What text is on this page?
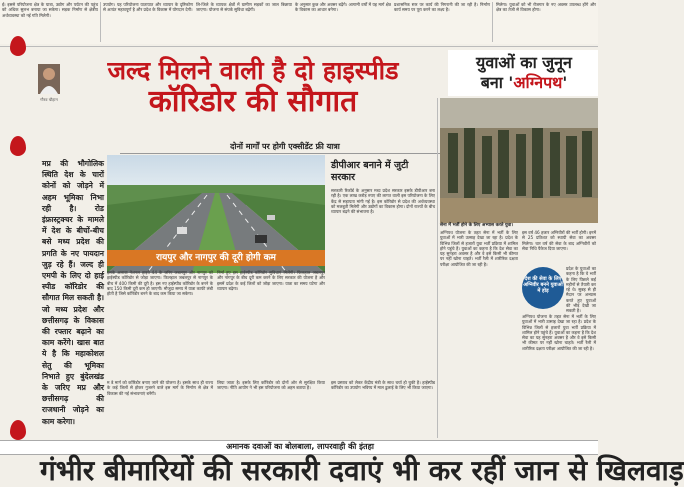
ई। इससे परियोजना क्षेत्र के यात्रा, उद्योग और पर्यटन की पहुंच को अधिक सुलभ बनाया जा सकेगा। सड़क निर्माण से क्षेत्रीय अर्थव्यवस्था को नई गति मिलेगी।
उपयोग। यह परियोजना यातायात और व्यापार के दृष्टिकोण से अत्यंत महत्वपूर्ण है और प्रदेश के विकास में योगदान देगी।
लि-जिले के व्यापक क्षेत्रों में ग्रामीण सड़कों का जाल बिछाया जाएगा। योजना से संपर्क सुविधा बढ़ेगी।
के अनुसार कुछ और अवसर बढ़ेंगे। आगामी वर्षों में यह मार्ग क्षेत्र के विकास का आधार बनेगा।
प्रशासनिक स्तर पर कार्य की निगरानी की जा रही है। निर्माण कार्य समय पर पूरा करने का लक्ष्य है।
मिलेगा। युवाओं को भी रोजगार के नए अवसर उपलब्ध होंगे और क्षेत्र का तेजी से विकास होगा।
गौरव चौहान
जल्द मिलने वाली है दो हाइस्पीड
कॉरिडोर की सौगात
युवाओं का जुनून
बना 'अग्निपथ'
दोनों मार्गों पर होगी एक्सीडेंट फ्री यात्रा
मप्र की भौगोलिक स्थिति देश के चारों कोनों को जोड़ने में अहम भूमिका निभा रही है। रोड इंफ्रास्ट्रक्चर के मामले में देश के बीचों-बीच बसे मध्य प्रदेश की प्रगति के नए पायदान जुड़ रहे हैं। जल्द ही एमपी के लिए दो हाई स्पीड कॉरिडोर की सौगात मिल सकती है। जो मध्य प्रदेश और छत्तीसगढ़ के विकास की रफ्तार बढ़ाने का काम करेंगे। खास बात ये है कि महाकोशल सेतु की भूमिका निभाते हुए बुंदेलखंड के जरिए मप्र और छत्तीसगढ़ की राजधानी जोड़ने का काम करेगा।
रायपुर और नागपुर की दूरी होगी कम
इसके अलावा नेशनल हाइवे 44 के जरिए जबलपुर और नागपुर को हाईस्पीड कॉरिडोर से जोड़ा जाएगा। फिलहाल जबलपुर से नागपुर के बीच में 400 किमी की दूरी है। इस नए हाईस्पीड कॉरिडोर के बनने के बाद 150 किमी दूरी कम हो जाएगी। मौजूदा समय में यात्रा काफी लंबी होती है जिसे कॉरिडोर बनने के बाद कम किया जा सकेगा।
निर्मा हुए इस हाईस्पीड कॉरिडोर सुविधाएं मिलेंगी। फिलहाल जबलपुर और नागपुर के बीच दूरी कम करने के लिए सरकार की योजना है और इसमें प्रदेश के कई जिलों को जोड़ा जाएगा। यात्रा का समय घटेगा और व्यापार बढ़ेगा।
म डे मार्ग को कॉरिडोर बनाए जाने की योजना है। इसके साथ ही राज्य के कई जिलों से होकर गुजरने वाले इस मार्ग के निर्माण से क्षेत्र में विकास की नई संभावनाएं बनेंगी।
लिया जाता है। इसके लिए कॉरिडोर को दोनों ओर से सुरक्षित किया जाएगा। नीति आयोग ने भी इस परियोजना को अहम बताया है।
डीपीआर बनाने में जुटी सरकार
सरकारी रिकॉर्ड के अनुसार मध्य प्रदेश सरकार इसके डीपीआर बना रही है। एक लाख करोड़ रुपए की लागत वाली इस परियोजना के लिए केंद्र से सहायता मांगी गई है। इस कॉरिडोर से प्रदेश की अर्थव्यवस्था को मजबूती मिलेगी और उद्योगों का विकास होगा। दोनों राज्यों के बीच व्यापार बढ़ने की संभावना है।
इस प्रस्ताव को लेकर केंद्रीय मंत्री के साथ चर्चा हो चुकी है। हाईस्पीड कॉरिडोर का उपयोग भविष्य में माल ढुलाई के लिए भी किया जाएगा।
सेना में भर्ती होने के लिए अभ्यास करते युवा।
अग्निपथ योजना के तहत सेना में भर्ती के लिए युवाओं में भारी उत्साह देखा जा रहा है। प्रदेश के विभिन्न जिलों से हजारों युवा भर्ती प्रक्रिया में शामिल होने पहुंचे हैं। युवाओं का कहना है कि देश सेवा का यह सुनहरा अवसर है और वे इसे किसी भी कीमत पर नहीं खोना चाहते। भर्ती रैली में शारीरिक दक्षता परीक्षा आयोजित की जा रही है।
इस वर्ष 46 हजार अग्निवीरों की भर्ती होगी। इनमें से 25 प्रतिशत को स्थायी सेवा का अवसर मिलेगा। चार वर्ष की सेवा के बाद अग्निवीरों को सेवा निधि पैकेज दिया जाएगा।
प्रदेश के युवाओं का कहना है कि वे भर्ती के लिए पिछले कई महीनों से तैयारी कर रहे थे। सुबह से ही मैदान पर अभ्यास करते हुए युवाओं की भीड़ देखी जा सकती है।
अग्निपथ योजना के तहत सेना में भर्ती के लिए युवाओं में भारी उत्साह देखा जा रहा है। प्रदेश के विभिन्न जिलों से हजारों युवा भर्ती प्रक्रिया में शामिल होने पहुंचे हैं। युवाओं का कहना है कि देश सेवा का यह सुनहरा अवसर है और वे इसे किसी भी कीमत पर नहीं खोना चाहते। भर्ती रैली में शारीरिक दक्षता परीक्षा आयोजित की जा रही है।
देश की सेवा के लिए अग्निवीर बनने युवाओं में होड़
अमानक दवाओं का बोलबाला, लापरवाही की इंतहा
गंभीर बीमारियों की सरकारी दवाएं भी कर रहीं जान से खिलवाड़
